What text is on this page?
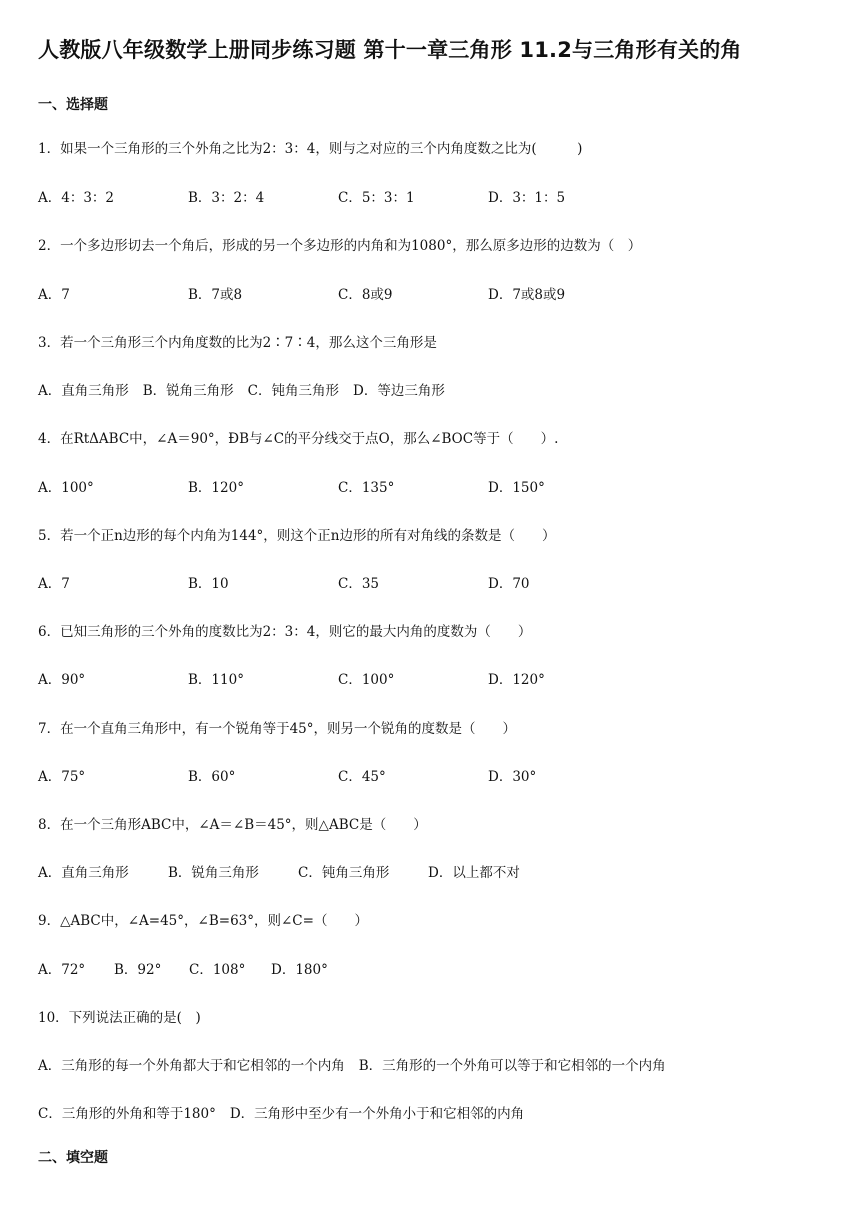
人教版八年级数学上册同步练习题 第十一章三角形 11.2与三角形有关的角
一、选择题
1．如果一个三角形的三个外角之比为2：3：4，则与之对应的三个内角度数之比为(　　　)
A．4：3：2	B．3：2：4	C．5：3：1	D．3：1：5
2．一个多边形切去一个角后，形成的另一个多边形的内角和为1080°，那么原多边形的边数为（　）
A．7	B．7或8	C．8或9	D．7或8或9
3．若一个三角形三个内角度数的比为2∶7∶4，那么这个三角形是
A．直角三角形 B．锐角三角形 C．钝角三角形 D．等边三角形
4．在RtΔABC中，∠A＝90°，ÐB与∠C的平分线交于点O，那么∠BOC等于（　　）.
A．100°	B．120°	C．135°	D．150°
5．若一个正n边形的每个内角为144°，则这个正n边形的所有对角线的条数是（　　）
A．7	B．10	C．35	D．70
6．已知三角形的三个外角的度数比为2：3：4，则它的最大内角的度数为（　　）
A．90°	B．110°	C．100°	D．120°
7．在一个直角三角形中，有一个锐角等于45°，则另一个锐角的度数是（　　）
A．75°	B．60°	C．45°	D．30°
8．在一个三角形ABC中，∠A＝∠B＝45°，则△ABC是（　　）
A．直角三角形	B．锐角三角形	C．钝角三角形	D．以上都不对
9．△ABC中，∠A=45°，∠B=63°，则∠C=（　　）
A．72° B．92° C．108° D．180°
10．下列说法正确的是(　)
A．三角形的每一个外角都大于和它相邻的一个内角 B．三角形的一个外角可以等于和它相邻的一个内角
C．三角形的外角和等于180° D．三角形中至少有一个外角小于和它相邻的内角
二、填空题
